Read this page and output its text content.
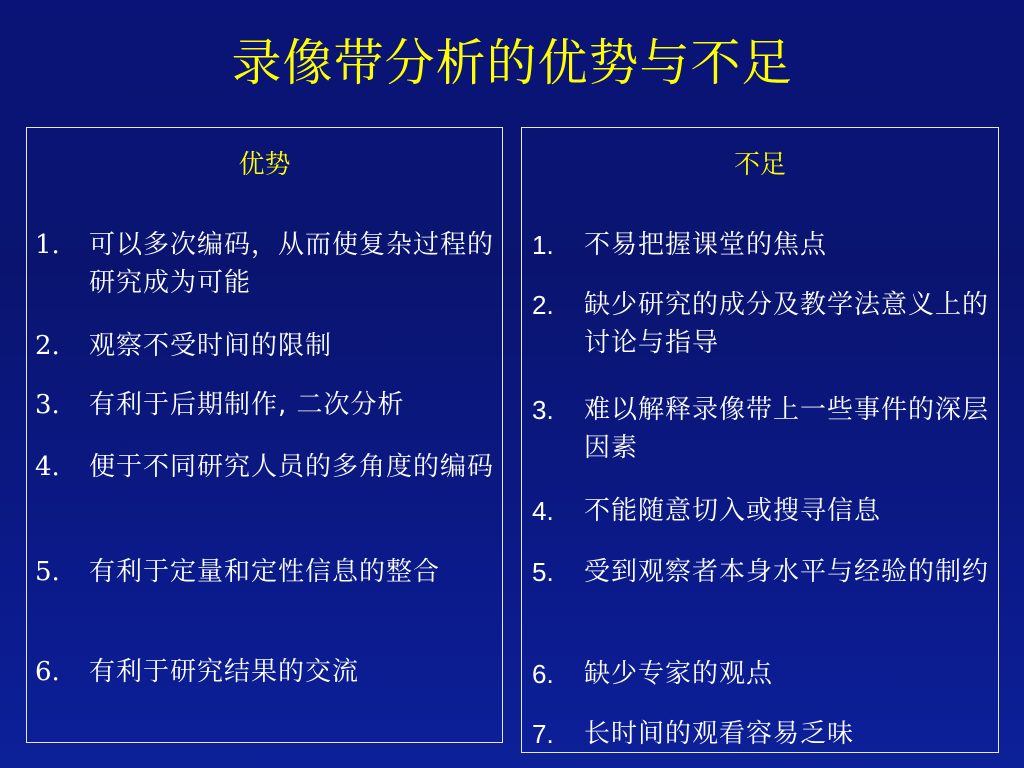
录像带分析的优势与不足
优势
1. 可以多次编码，从而使复杂过程的研究成为可能
2. 观察不受时间的限制
3. 有利于后期制作, 二次分析
4. 便于不同研究人员的多角度的编码
5. 有利于定量和定性信息的整合
6. 有利于研究结果的交流
不足
1. 不易把握课堂的焦点
2. 缺少研究的成分及教学法意义上的讨论与指导
3. 难以解释录像带上一些事件的深层因素
4. 不能随意切入或搜寻信息
5. 受到观察者本身水平与经验的制约
6. 缺少专家的观点
7. 长时间的观看容易乏味
